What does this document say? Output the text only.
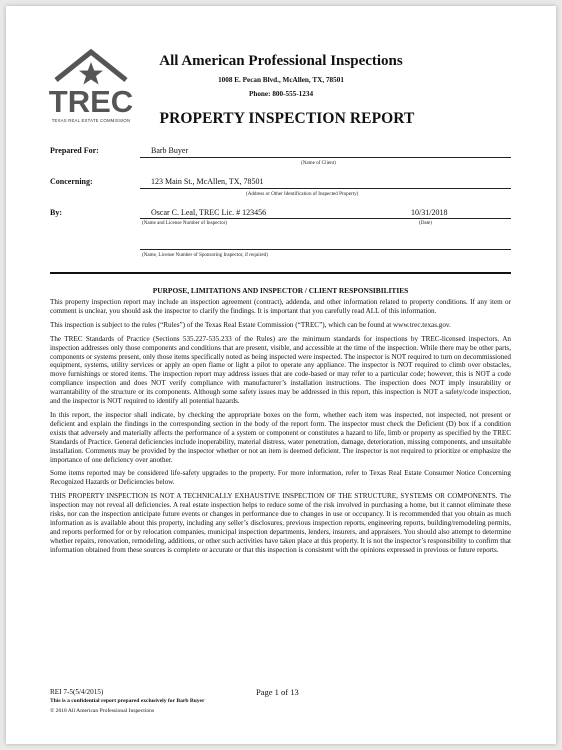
TREC
TEXAS REAL ESTATE COMMISSION
All American Professional Inspections
1008 E. Pecan Blvd., McAllen, TX, 78501
Phone: 800-555-1234
PROPERTY INSPECTION REPORT
Prepared For:	Barb Buyer
(Name of Client)
Concerning:	123 Main St., McAllen, TX, 78501
(Address or Other Identification of Inspected Property)
By:	Oscar C. Leal, TREC Lic. # 123456	10/31/2018
(Name and License Number of Inspector)	(Date)
(Name, License Number of Sponsoring Inspector, if required)
PURPOSE, LIMITATIONS AND INSPECTOR / CLIENT RESPONSIBILITIES

This property inspection report may include an inspection agreement (contract), addenda, and other information related to property conditions. If any item or comment is unclear, you should ask the inspector to clarify the findings. It is important that you carefully read ALL of this information.

This inspection is subject to the rules (“Rules”) of the Texas Real Estate Commission (“TREC”), which can be found at www.trec.texas.gov.

The TREC Standards of Practice (Sections 535.227-535.233 of the Rules) are the minimum standards for inspections by TREC-licensed inspectors. An inspection addresses only those components and conditions that are present, visible, and accessible at the time of the inspection. While there may be other parts, components or systems present, only those items specifically noted as being inspected were inspected. The inspector is NOT required to turn on decommissioned equipment, systems, utility services or apply an open flame or light a pilot to operate any appliance. The inspector is NOT required to climb over obstacles, move furnishings or stored items. The inspection report may address issues that are code-based or may refer to a particular code; however, this is NOT a code compliance inspection and does NOT verify compliance with manufacturer’s installation instructions. The inspection does NOT imply insurability or warrantability of the structure or its components. Although some safety issues may be addressed in this report, this inspection is NOT a safety/code inspection, and the inspector is NOT required to identify all potential hazards.

In this report, the inspector shall indicate, by checking the appropriate boxes on the form, whether each item was inspected, not inspected, not present or deficient and explain the findings in the corresponding section in the body of the report form. The inspector must check the Deficient (D) box if a condition exists that adversely and materially affects the performance of a system or component or constitutes a hazard to life, limb or property as specified by the TREC Standards of Practice. General deficiencies include inoperability, material distress, water penetration, damage, deterioration, missing components, and unsuitable installation. Comments may be provided by the inspector whether or not an item is deemed deficient. The inspector is not required to prioritize or emphasize the importance of one deficiency over another.

Some items reported may be considered life-safety upgrades to the property. For more information, refer to Texas Real Estate Consumer Notice Concerning Recognized Hazards or Deficiencies below.

THIS PROPERTY INSPECTION IS NOT A TECHNICALLY EXHAUSTIVE INSPECTION OF THE STRUCTURE, SYSTEMS OR COMPONENTS. The inspection may not reveal all deficiencies. A real estate inspection helps to reduce some of the risk involved in purchasing a home, but it cannot eliminate these risks, nor can the inspection anticipate future events or changes in performance due to changes in use or occupancy. It is recommended that you obtain as much information as is available about this property, including any seller’s disclosures, previous inspection reports, engineering reports, building/remodeling permits, and reports performed for or by relocation companies, municipal inspection departments, lenders, insurers, and appraisers. You should also attempt to determine whether repairs, renovation, remodeling, additions, or other such activities have taken place at this property. It is not the inspector’s responsibility to confirm that information obtained from these sources is complete or accurate or that this inspection is consistent with the opinions expressed in previous or future reports.

REI 7-5(5/4/2015)	Page 1 of 13
This is a confidential report prepared exclusively for Barb Buyer
© 2018 All American Professional Inspections
